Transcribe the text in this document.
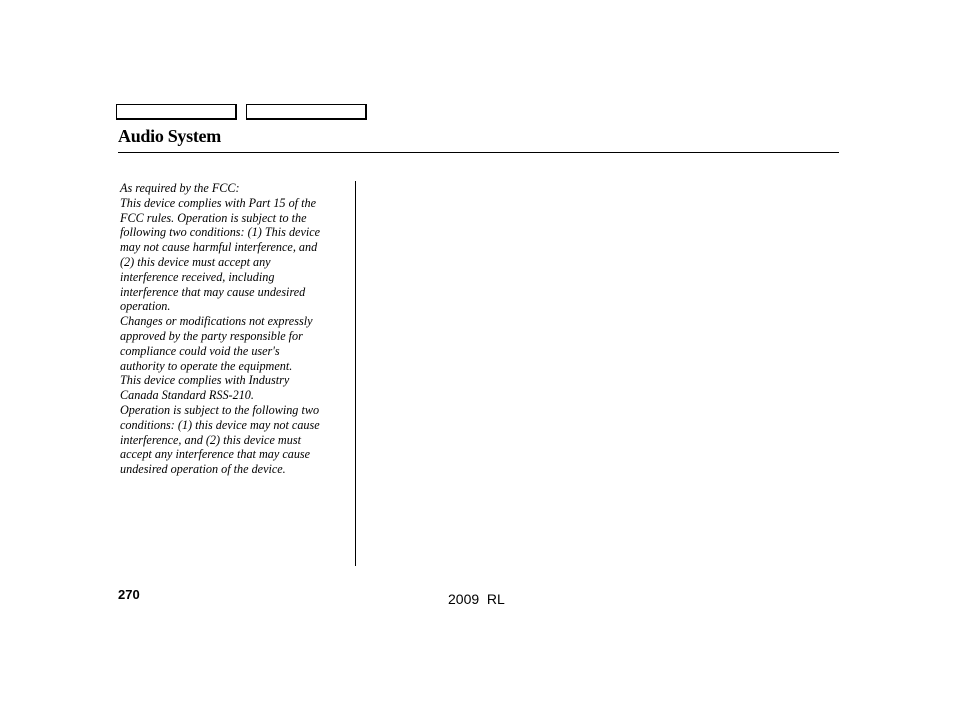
Audio System

As required by the FCC:

This device complies with Part 15 of the
FCC rules. Operation is subject to the
following two conditions: (1) This device
may not cause harmful interference, and
(2) this device must accept any
interference received, including
interference that may cause undesired
operation.

Changes or modifications not expressly
approved by the party responsible for
compliance could void the user's
authority to operate the equipment.

This device complies with Industry
Canada Standard RSS-210.

Operation is subject to the following two
conditions: (1) this device may not cause
interference, and (2) this device must
accept any interference that may cause
undesired operation of the device.

270	2009  RL
